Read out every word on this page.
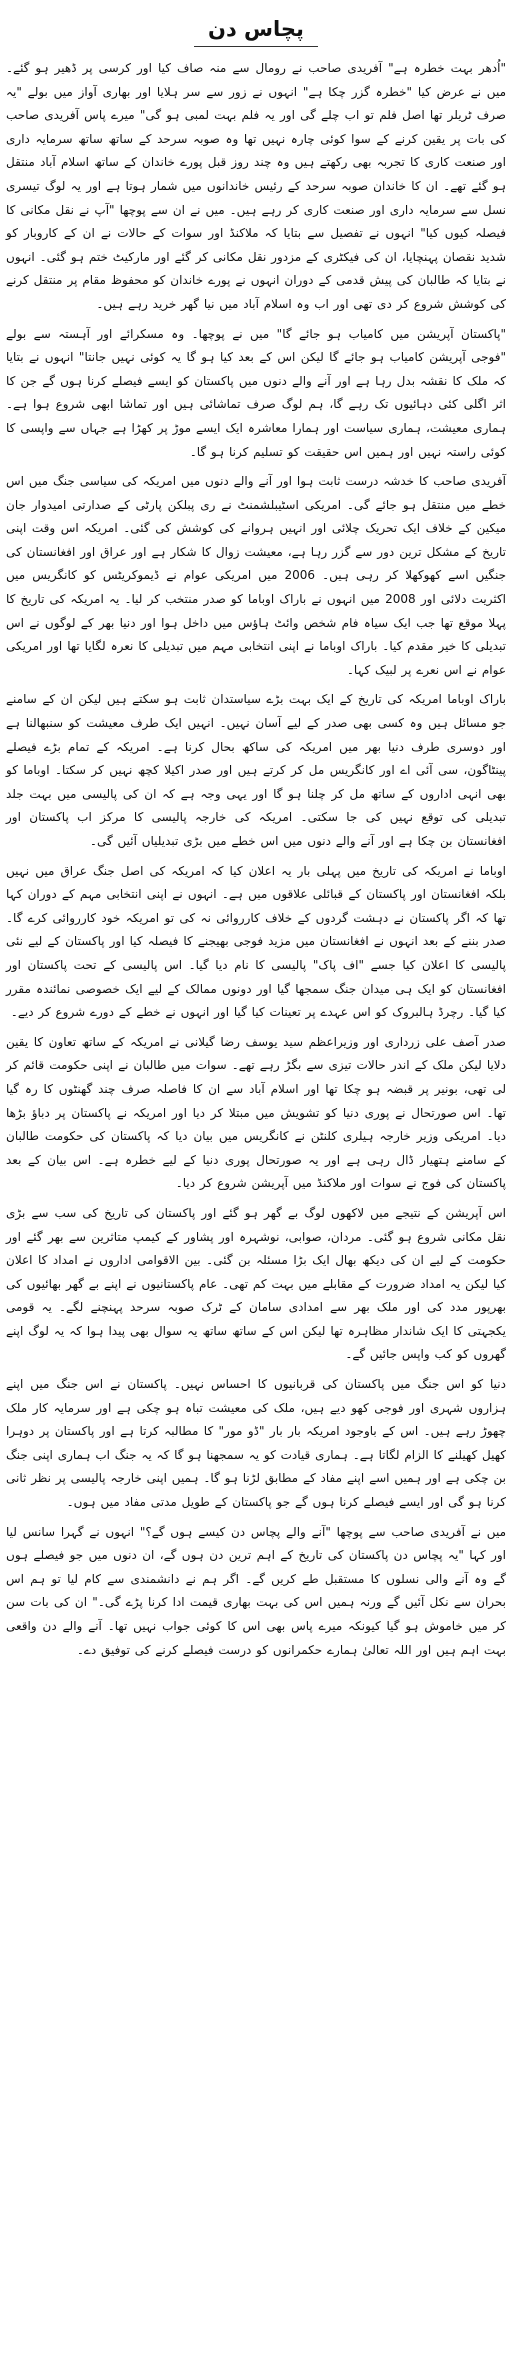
پچاس دن

"اُدھر بہت خطرہ ہے" آفریدی صاحب نے رومال سے منہ صاف کیا اور کرسی پر ڈھیر ہو گئے۔ میں نے عرض کیا "خطرہ گزر چکا ہے" انہوں نے زور سے سر ہلایا اور بھاری آواز میں بولے "یہ صرف ٹریلر تھا اصل فلم تو اب چلے گی اور یہ فلم بہت لمبی ہو گی" میرے پاس آفریدی صاحب کی بات پر یقین کرنے کے سوا کوئی چارہ نہیں تھا وہ صوبہ سرحد کے ساتھ ساتھ سرمایہ داری اور صنعت کاری کا تجربہ بھی رکھتے ہیں وہ چند روز قبل پورے خاندان کے ساتھ اسلام آباد منتقل ہو گئے تھے۔ ان کا خاندان صوبہ سرحد کے رئیس خاندانوں میں شمار ہوتا ہے اور یہ لوگ تیسری نسل سے سرمایہ داری اور صنعت کاری کر رہے ہیں۔ میں نے ان سے پوچھا "آپ نے نقل مکانی کا فیصلہ کیوں کیا" انہوں نے تفصیل سے بتایا کہ ملاکنڈ اور سوات کے حالات نے ان کے کاروبار کو شدید نقصان پہنچایا، ان کی فیکٹری کے مزدور نقل مکانی کر گئے اور مارکیٹ ختم ہو گئی۔ انہوں نے بتایا کہ طالبان کی پیش قدمی کے دوران انہوں نے پورے خاندان کو محفوظ مقام پر منتقل کرنے کی کوشش شروع کر دی تھی اور اب وہ اسلام آباد میں نیا گھر خرید رہے ہیں۔

"پاکستان آپریشن میں کامیاب ہو جائے گا" میں نے پوچھا۔ وہ مسکرائے اور آہستہ سے بولے "فوجی آپریشن کامیاب ہو جائے گا لیکن اس کے بعد کیا ہو گا یہ کوئی نہیں جانتا" انہوں نے بتایا کہ ملک کا نقشہ بدل رہا ہے اور آنے والے دنوں میں پاکستان کو ایسے فیصلے کرنا ہوں گے جن کا اثر اگلی کئی دہائیوں تک رہے گا، ہم لوگ صرف تماشائی ہیں اور تماشا ابھی شروع ہوا ہے۔ ہماری معیشت، ہماری سیاست اور ہمارا معاشرہ ایک ایسے موڑ پر کھڑا ہے جہاں سے واپسی کا کوئی راستہ نہیں اور ہمیں اس حقیقت کو تسلیم کرنا ہو گا۔

آفریدی صاحب کا خدشہ درست ثابت ہوا اور آنے والے دنوں میں امریکہ کی سیاسی جنگ میں اس خطے میں منتقل ہو جائے گی۔ امریکی اسٹیبلشمنٹ نے ری پبلکن پارٹی کے صدارتی امیدوار جان میکین کے خلاف ایک تحریک چلائی اور انہیں ہروانے کی کوشش کی گئی۔ امریکہ اس وقت اپنی تاریخ کے مشکل ترین دور سے گزر رہا ہے، معیشت زوال کا شکار ہے اور عراق اور افغانستان کی جنگیں اسے کھوکھلا کر رہی ہیں۔ 2006 میں امریکی عوام نے ڈیموکریٹس کو کانگریس میں اکثریت دلائی اور 2008 میں انہوں نے باراک اوباما کو صدر منتخب کر لیا۔ یہ امریکہ کی تاریخ کا پہلا موقع تھا جب ایک سیاہ فام شخص وائٹ ہاؤس میں داخل ہوا اور دنیا بھر کے لوگوں نے اس تبدیلی کا خیر مقدم کیا۔ باراک اوباما نے اپنی انتخابی مہم میں تبدیلی کا نعرہ لگایا تھا اور امریکی عوام نے اس نعرے پر لبیک کہا۔

باراک اوباما امریکہ کی تاریخ کے ایک بہت بڑے سیاستدان ثابت ہو سکتے ہیں لیکن ان کے سامنے جو مسائل ہیں وہ کسی بھی صدر کے لیے آسان نہیں۔ انہیں ایک طرف معیشت کو سنبھالنا ہے اور دوسری طرف دنیا بھر میں امریکہ کی ساکھ بحال کرنا ہے۔ امریکہ کے تمام بڑے فیصلے پینٹاگون، سی آئی اے اور کانگریس مل کر کرتے ہیں اور صدر اکیلا کچھ نہیں کر سکتا۔ اوباما کو بھی انہی اداروں کے ساتھ مل کر چلنا ہو گا اور یہی وجہ ہے کہ ان کی پالیسی میں بہت جلد تبدیلی کی توقع نہیں کی جا سکتی۔ امریکہ کی خارجہ پالیسی کا مرکز اب پاکستان اور افغانستان بن چکا ہے اور آنے والے دنوں میں اس خطے میں بڑی تبدیلیاں آئیں گی۔

اوباما نے امریکہ کی تاریخ میں پہلی بار یہ اعلان کیا کہ امریکہ کی اصل جنگ عراق میں نہیں بلکہ افغانستان اور پاکستان کے قبائلی علاقوں میں ہے۔ انہوں نے اپنی انتخابی مہم کے دوران کہا تھا کہ اگر پاکستان نے دہشت گردوں کے خلاف کارروائی نہ کی تو امریکہ خود کارروائی کرے گا۔ صدر بننے کے بعد انہوں نے افغانستان میں مزید فوجی بھیجنے کا فیصلہ کیا اور پاکستان کے لیے نئی پالیسی کا اعلان کیا جسے "اف پاک" پالیسی کا نام دیا گیا۔ اس پالیسی کے تحت پاکستان اور افغانستان کو ایک ہی میدان جنگ سمجھا گیا اور دونوں ممالک کے لیے ایک خصوصی نمائندہ مقرر کیا گیا۔ رچرڈ ہالبروک کو اس عہدے پر تعینات کیا گیا اور انہوں نے خطے کے دورے شروع کر دیے۔

صدر آصف علی زرداری اور وزیراعظم سید یوسف رضا گیلانی نے امریکہ کے ساتھ تعاون کا یقین دلایا لیکن ملک کے اندر حالات تیزی سے بگڑ رہے تھے۔ سوات میں طالبان نے اپنی حکومت قائم کر لی تھی، بونیر پر قبضہ ہو چکا تھا اور اسلام آباد سے ان کا فاصلہ صرف چند گھنٹوں کا رہ گیا تھا۔ اس صورتحال نے پوری دنیا کو تشویش میں مبتلا کر دیا اور امریکہ نے پاکستان پر دباؤ بڑھا دیا۔ امریکی وزیر خارجہ ہیلری کلنٹن نے کانگریس میں بیان دیا کہ پاکستان کی حکومت طالبان کے سامنے ہتھیار ڈال رہی ہے اور یہ صورتحال پوری دنیا کے لیے خطرہ ہے۔ اس بیان کے بعد پاکستان کی فوج نے سوات اور ملاکنڈ میں آپریشن شروع کر دیا۔

اس آپریشن کے نتیجے میں لاکھوں لوگ بے گھر ہو گئے اور پاکستان کی تاریخ کی سب سے بڑی نقل مکانی شروع ہو گئی۔ مردان، صوابی، نوشہرہ اور پشاور کے کیمپ متاثرین سے بھر گئے اور حکومت کے لیے ان کی دیکھ بھال ایک بڑا مسئلہ بن گئی۔ بین الاقوامی اداروں نے امداد کا اعلان کیا لیکن یہ امداد ضرورت کے مقابلے میں بہت کم تھی۔ عام پاکستانیوں نے اپنے بے گھر بھائیوں کی بھرپور مدد کی اور ملک بھر سے امدادی سامان کے ٹرک صوبہ سرحد پہنچنے لگے۔ یہ قومی یکجہتی کا ایک شاندار مظاہرہ تھا لیکن اس کے ساتھ ساتھ یہ سوال بھی پیدا ہوا کہ یہ لوگ اپنے گھروں کو کب واپس جائیں گے۔

دنیا کو اس جنگ میں پاکستان کی قربانیوں کا احساس نہیں۔ پاکستان نے اس جنگ میں اپنے ہزاروں شہری اور فوجی کھو دیے ہیں، ملک کی معیشت تباہ ہو چکی ہے اور سرمایہ کار ملک چھوڑ رہے ہیں۔ اس کے باوجود امریکہ بار بار "ڈو مور" کا مطالبہ کرتا ہے اور پاکستان پر دوہرا کھیل کھیلنے کا الزام لگاتا ہے۔ ہماری قیادت کو یہ سمجھنا ہو گا کہ یہ جنگ اب ہماری اپنی جنگ بن چکی ہے اور ہمیں اسے اپنے مفاد کے مطابق لڑنا ہو گا۔ ہمیں اپنی خارجہ پالیسی پر نظر ثانی کرنا ہو گی اور ایسے فیصلے کرنا ہوں گے جو پاکستان کے طویل مدتی مفاد میں ہوں۔

میں نے آفریدی صاحب سے پوچھا "آنے والے پچاس دن کیسے ہوں گے؟" انہوں نے گہرا سانس لیا اور کہا "یہ پچاس دن پاکستان کی تاریخ کے اہم ترین دن ہوں گے، ان دنوں میں جو فیصلے ہوں گے وہ آنے والی نسلوں کا مستقبل طے کریں گے۔ اگر ہم نے دانشمندی سے کام لیا تو ہم اس بحران سے نکل آئیں گے ورنہ ہمیں اس کی بہت بھاری قیمت ادا کرنا پڑے گی۔" ان کی بات سن کر میں خاموش ہو گیا کیونکہ میرے پاس بھی اس کا کوئی جواب نہیں تھا۔ آنے والے دن واقعی بہت اہم ہیں اور اللہ تعالیٰ ہمارے حکمرانوں کو درست فیصلے کرنے کی توفیق دے۔
